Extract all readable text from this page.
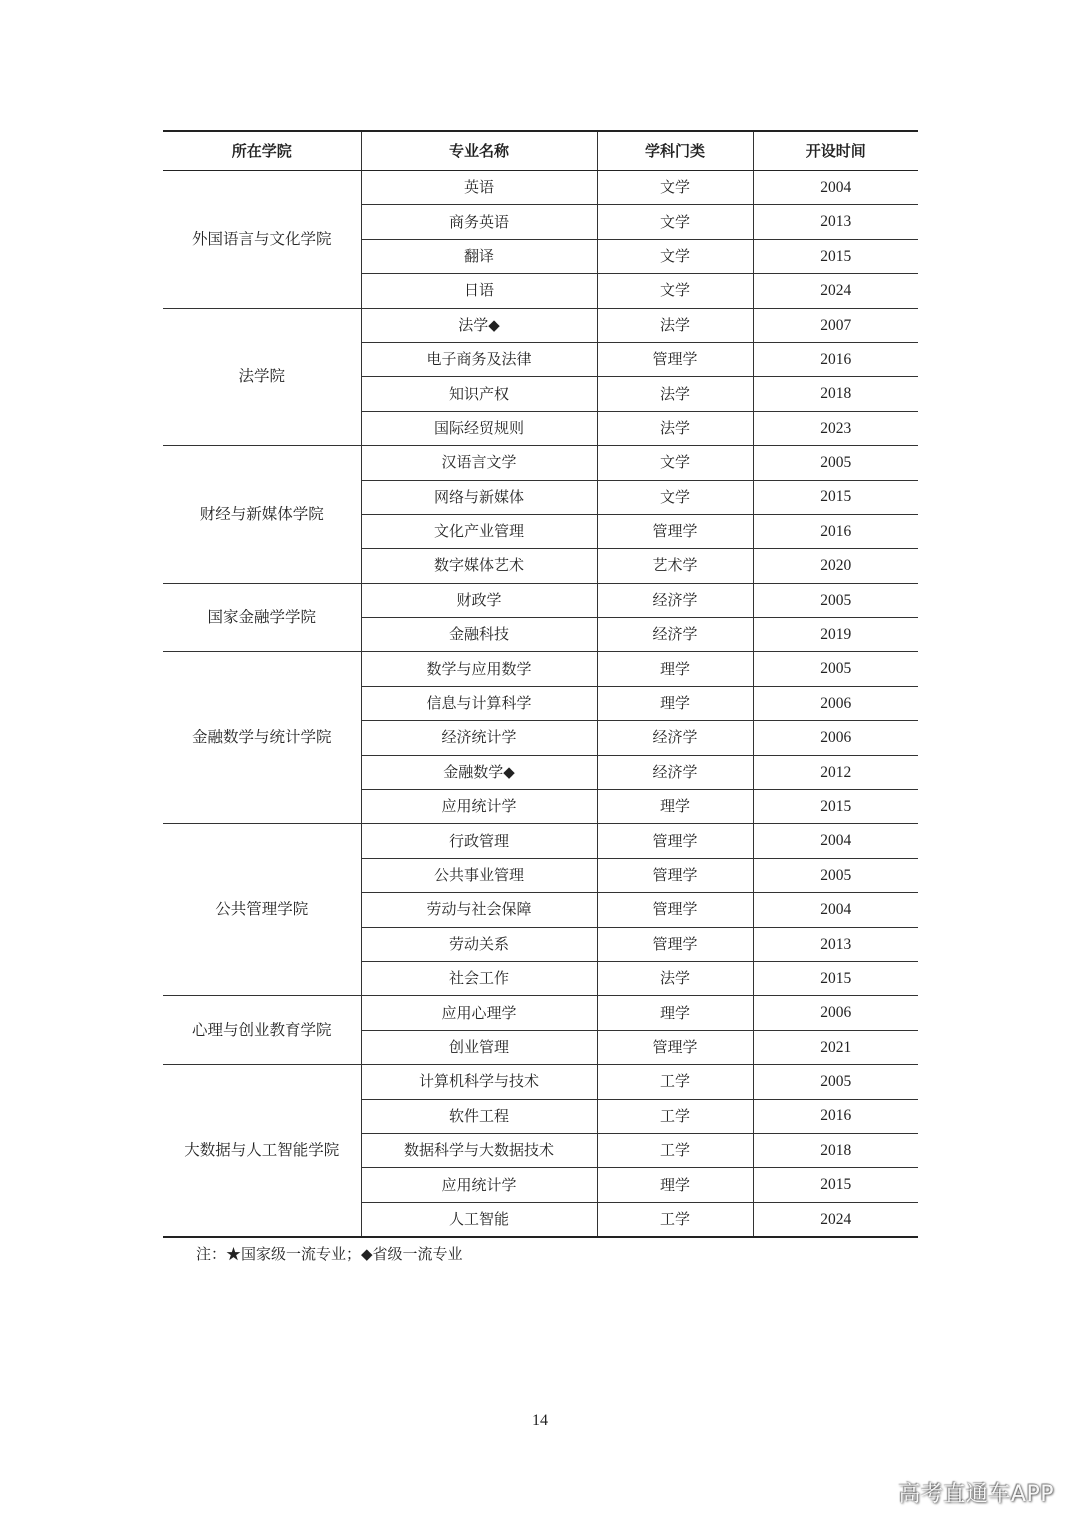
所在学院	专业名称	学科门类	开设时间
外国语言与文化学院	英语	文学	2004
	商务英语	文学	2013
	翻译	文学	2015
	日语	文学	2024
法学院	法学◆	法学	2007
	电子商务及法律	管理学	2016
	知识产权	法学	2018
	国际经贸规则	法学	2023
财经与新媒体学院	汉语言文学	文学	2005
	网络与新媒体	文学	2015
	文化产业管理	管理学	2016
	数字媒体艺术	艺术学	2020
国家金融学学院	财政学	经济学	2005
	金融科技	经济学	2019
金融数学与统计学院	数学与应用数学	理学	2005
	信息与计算科学	理学	2006
	经济统计学	经济学	2006
	金融数学◆	经济学	2012
	应用统计学	理学	2015
公共管理学院	行政管理	管理学	2004
	公共事业管理	管理学	2005
	劳动与社会保障	管理学	2004
	劳动关系	管理学	2013
	社会工作	法学	2015
心理与创业教育学院	应用心理学	理学	2006
	创业管理	管理学	2021
大数据与人工智能学院	计算机科学与技术	工学	2005
	软件工程	工学	2016
	数据科学与大数据技术	工学	2018
	应用统计学	理学	2015
	人工智能	工学	2024
注：★国家级一流专业；◆省级一流专业
14
高考直通车APP
